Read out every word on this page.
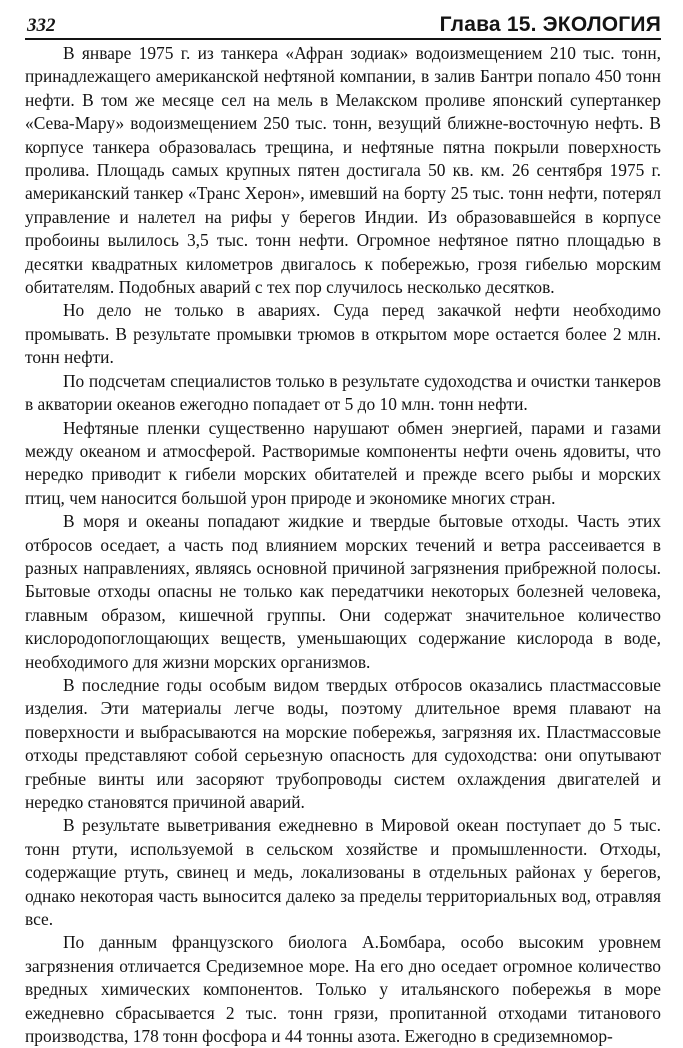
332	Глава 15. ЭКОЛОГИЯ

В январе 1975 г. из танкера «Афран зодиак» водоизмещением 210 тыс. тонн, принадлежащего американской нефтяной компании, в залив Бантри попало 450 тонн нефти. В том же месяце сел на мель в Мелакском проливе японский супертанкер «Сева-Мару» водоизмещением 250 тыс. тонн, везущий ближне-восточную нефть. В корпусе танкера образовалась трещина, и нефтяные пятна покрыли поверхность пролива. Площадь самых крупных пятен достигала 50 кв. км. 26 сентября 1975 г. американский танкер «Транс Херон», имевший на борту 25 тыс. тонн нефти, потерял управление и налетел на рифы у берегов Индии. Из образовавшейся в корпусе пробоины вылилось 3,5 тыс. тонн нефти. Огромное нефтяное пятно площадью в десятки квадратных километров двигалось к побережью, грозя гибелью морским обитателям. Подобных аварий с тех пор случилось несколько десятков.

Но дело не только в авариях. Суда перед закачкой нефти необходимо промывать. В результате промывки трюмов в открытом море остается более 2 млн. тонн нефти.

По подсчетам специалистов только в результате судоходства и очистки танкеров в акватории океанов ежегодно попадает от 5 до 10 млн. тонн нефти.

Нефтяные пленки существенно нарушают обмен энергией, парами и газами между океаном и атмосферой. Растворимые компоненты нефти очень ядовиты, что нередко приводит к гибели морских обитателей и прежде всего рыбы и морских птиц, чем наносится большой урон природе и экономике многих стран.

В моря и океаны попадают жидкие и твердые бытовые отходы. Часть этих отбросов оседает, а часть под влиянием морских течений и ветра рассеивается в разных направлениях, являясь основной причиной загрязнения прибрежной полосы. Бытовые отходы опасны не только как передатчики некоторых болезней человека, главным образом, кишечной группы. Они содержат значительное количество кислородопоглощающих веществ, уменьшающих содержание кислорода в воде, необходимого для жизни морских организмов.

В последние годы особым видом твердых отбросов оказались пластмассовые изделия. Эти материалы легче воды, поэтому длительное время плавают на поверхности и выбрасываются на морские побережья, загрязняя их. Пластмассовые отходы представляют собой серьезную опасность для судоходства: они опутывают гребные винты или засоряют трубопроводы систем охлаждения двигателей и нередко становятся причиной аварий.

В результате выветривания ежедневно в Мировой океан поступает до 5 тыс. тонн ртути, используемой в сельском хозяйстве и промышленности. Отходы, содержащие ртуть, свинец и медь, локализованы в отдельных районах у берегов, однако некоторая часть выносится далеко за пределы территориальных вод, отравляя все.

По данным французского биолога А.Бомбара, особо высоким уровнем загрязнения отличается Средиземное море. На его дно оседает огромное количество вредных химических компонентов. Только у итальянского побережья в море ежедневно сбрасывается 2 тыс. тонн грязи, пропитанной отходами титанового производства, 178 тонн фосфора и 44 тонны азота. Ежегодно в средиземномор-
